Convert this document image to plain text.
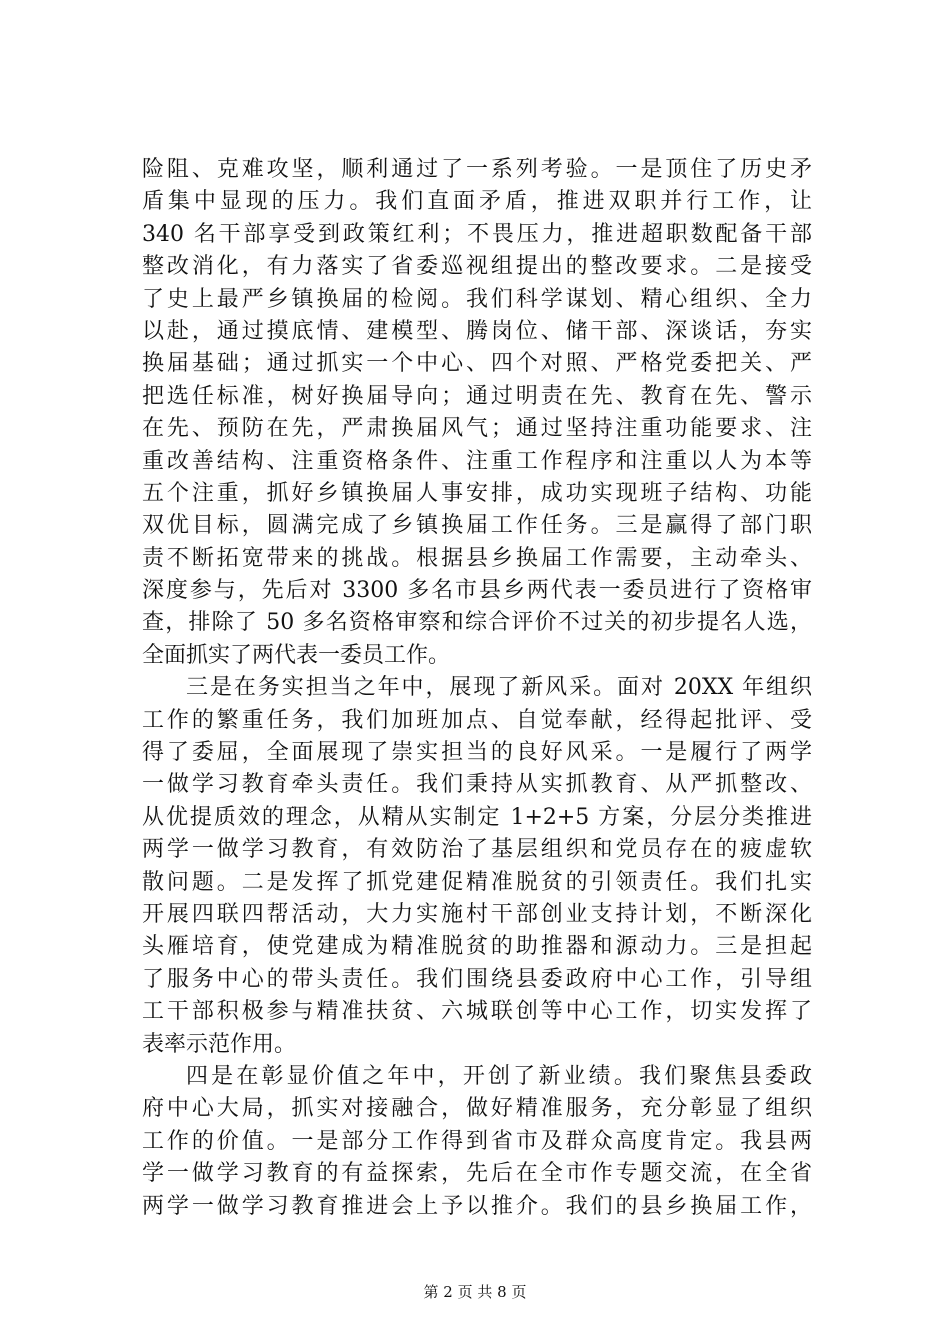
险阻、克难攻坚，顺利通过了一系列考验。一是顶住了历史矛
盾集中显现的压力。我们直面矛盾，推进双职并行工作，让
340 名干部享受到政策红利；不畏压力，推进超职数配备干部
整改消化，有力落实了省委巡视组提出的整改要求。二是接受
了史上最严乡镇换届的检阅。我们科学谋划、精心组织、全力
以赴，通过摸底情、建模型、腾岗位、储干部、深谈话，夯实
换届基础；通过抓实一个中心、四个对照、严格党委把关、严
把选任标准，树好换届导向；通过明责在先、教育在先、警示
在先、预防在先，严肃换届风气；通过坚持注重功能要求、注
重改善结构、注重资格条件、注重工作程序和注重以人为本等
五个注重，抓好乡镇换届人事安排，成功实现班子结构、功能
双优目标，圆满完成了乡镇换届工作任务。三是赢得了部门职
责不断拓宽带来的挑战。根据县乡换届工作需要，主动牵头、
深度参与，先后对 3300 多名市县乡两代表一委员进行了资格审
查，排除了 50 多名资格审察和综合评价不过关的初步提名人选，
全面抓实了两代表一委员工作。
三是在务实担当之年中，展现了新风采。面对 20XX 年组织
工作的繁重任务，我们加班加点、自觉奉献，经得起批评、受
得了委屈，全面展现了崇实担当的良好风采。一是履行了两学
一做学习教育牵头责任。我们秉持从实抓教育、从严抓整改、
从优提质效的理念，从精从实制定 1+2+5 方案，分层分类推进
两学一做学习教育，有效防治了基层组织和党员存在的疲虚软
散问题。二是发挥了抓党建促精准脱贫的引领责任。我们扎实
开展四联四帮活动，大力实施村干部创业支持计划，不断深化
头雁培育，使党建成为精准脱贫的助推器和源动力。三是担起
了服务中心的带头责任。我们围绕县委政府中心工作，引导组
工干部积极参与精准扶贫、六城联创等中心工作，切实发挥了
表率示范作用。
四是在彰显价值之年中，开创了新业绩。我们聚焦县委政
府中心大局，抓实对接融合，做好精准服务，充分彰显了组织
工作的价值。一是部分工作得到省市及群众高度肯定。我县两
学一做学习教育的有益探索，先后在全市作专题交流，在全省
两学一做学习教育推进会上予以推介。我们的县乡换届工作，
第 2 页 共 8 页
